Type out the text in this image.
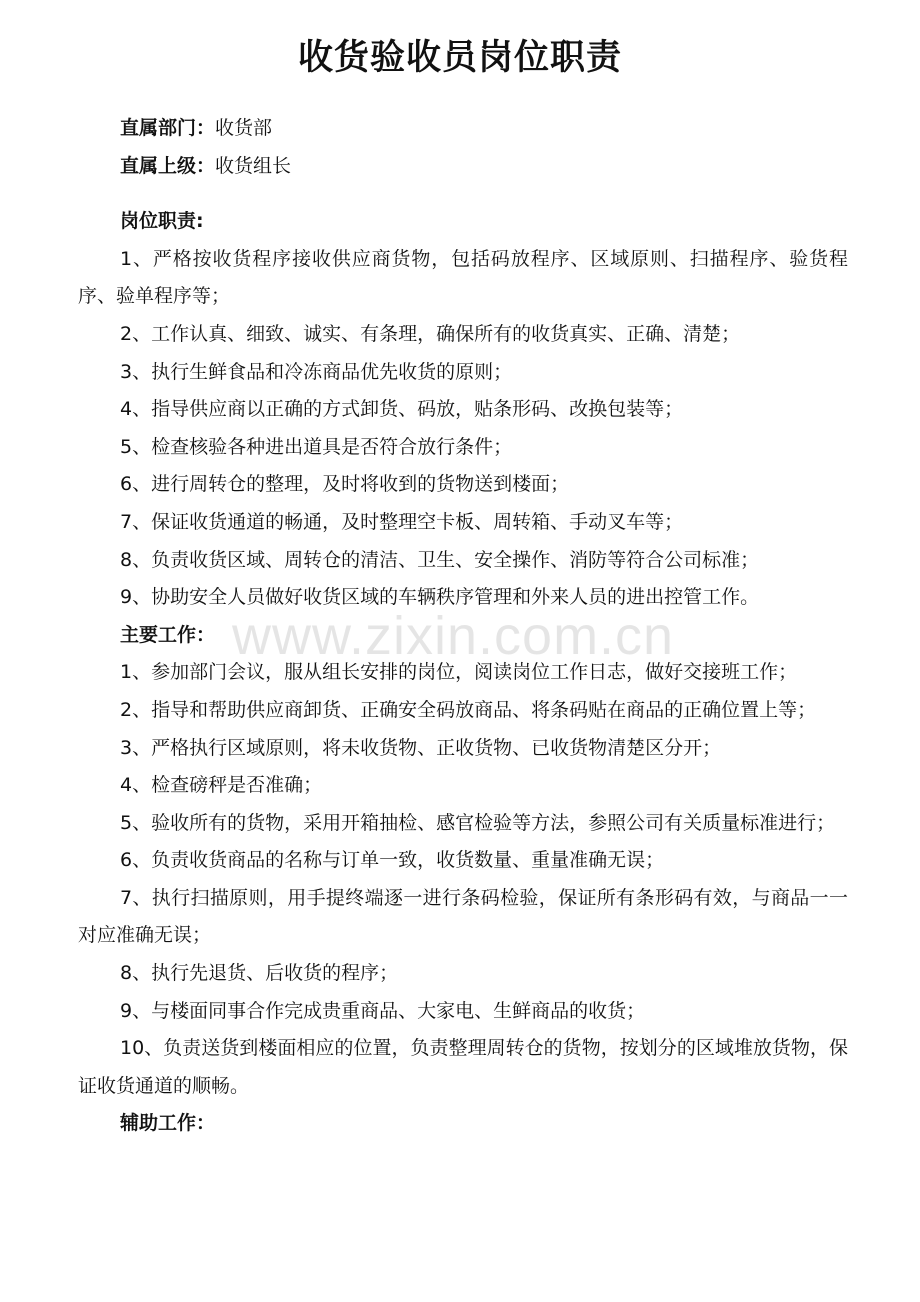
收货验收员岗位职责
直属部门：收货部
直属上级：收货组长
岗位职责:
1、严格按收货程序接收供应商货物，包括码放程序、区域原则、扫描程序、验货程序、验单程序等；
2、工作认真、细致、诚实、有条理，确保所有的收货真实、正确、清楚；
3、执行生鲜食品和冷冻商品优先收货的原则；
4、指导供应商以正确的方式卸货、码放，贴条形码、改换包装等；
5、检查核验各种进出道具是否符合放行条件；
6、进行周转仓的整理，及时将收到的货物送到楼面；
7、保证收货通道的畅通，及时整理空卡板、周转箱、手动叉车等；
8、负责收货区域、周转仓的清洁、卫生、安全操作、消防等符合公司标准；
9、协助安全人员做好收货区域的车辆秩序管理和外来人员的进出控管工作。
主要工作：
1、参加部门会议，服从组长安排的岗位，阅读岗位工作日志，做好交接班工作；
2、指导和帮助供应商卸货、正确安全码放商品、将条码贴在商品的正确位置上等；
3、严格执行区域原则，将未收货物、正收货物、已收货物清楚区分开；
4、检查磅秤是否准确；
5、验收所有的货物，采用开箱抽检、感官检验等方法，参照公司有关质量标准进行；
6、负责收货商品的名称与订单一致，收货数量、重量准确无误；
7、执行扫描原则，用手提终端逐一进行条码检验，保证所有条形码有效，与商品一一对应准确无误；
8、执行先退货、后收货的程序；
9、与楼面同事合作完成贵重商品、大家电、生鲜商品的收货；
10、负责送货到楼面相应的位置，负责整理周转仓的货物，按划分的区域堆放货物，保证收货通道的顺畅。
辅助工作：
www.zixin.com.cn
